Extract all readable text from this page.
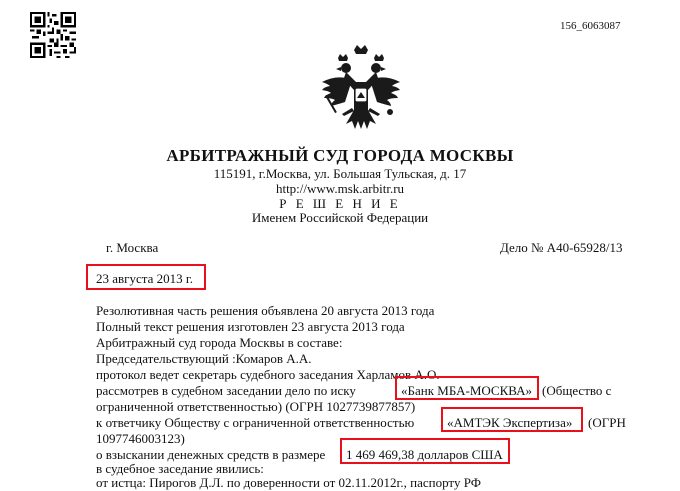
156_6063087
АРБИТРАЖНЫЙ СУД ГОРОДА МОСКВЫ
115191, г.Москва, ул. Большая Тульская, д. 17
http://www.msk.arbitr.ru
Р Е Ш Е Н И Е
Именем Российской Федерации
г. Москва	Дело № А40-65928/13
23 августа 2013 г.
Резолютивная часть решения объявлена 20 августа 2013 года
Полный текст решения изготовлен 23 августа 2013 года
Арбитражный суд города Москвы в составе:
Председательствующий :Комаров А.А.
протокол ведет секретарь судебного заседания Харламов А.О.
рассмотрев в судебном заседании дело по иску	«Банк МБА-МОСКВА» (Общество с
ограниченной ответственностью) (ОГРН 1027739877857)
к ответчику Обществу с ограниченной ответственностью	«АМТЭК Экспертиза» (ОГРН
1097746003123)
о взыскании денежных средств в размере 1 469 469,38 долларов США
в судебное заседание явились:
от истца: Пирогов Д.Л. по доверенности от 02.11.2012г., паспорту РФ
